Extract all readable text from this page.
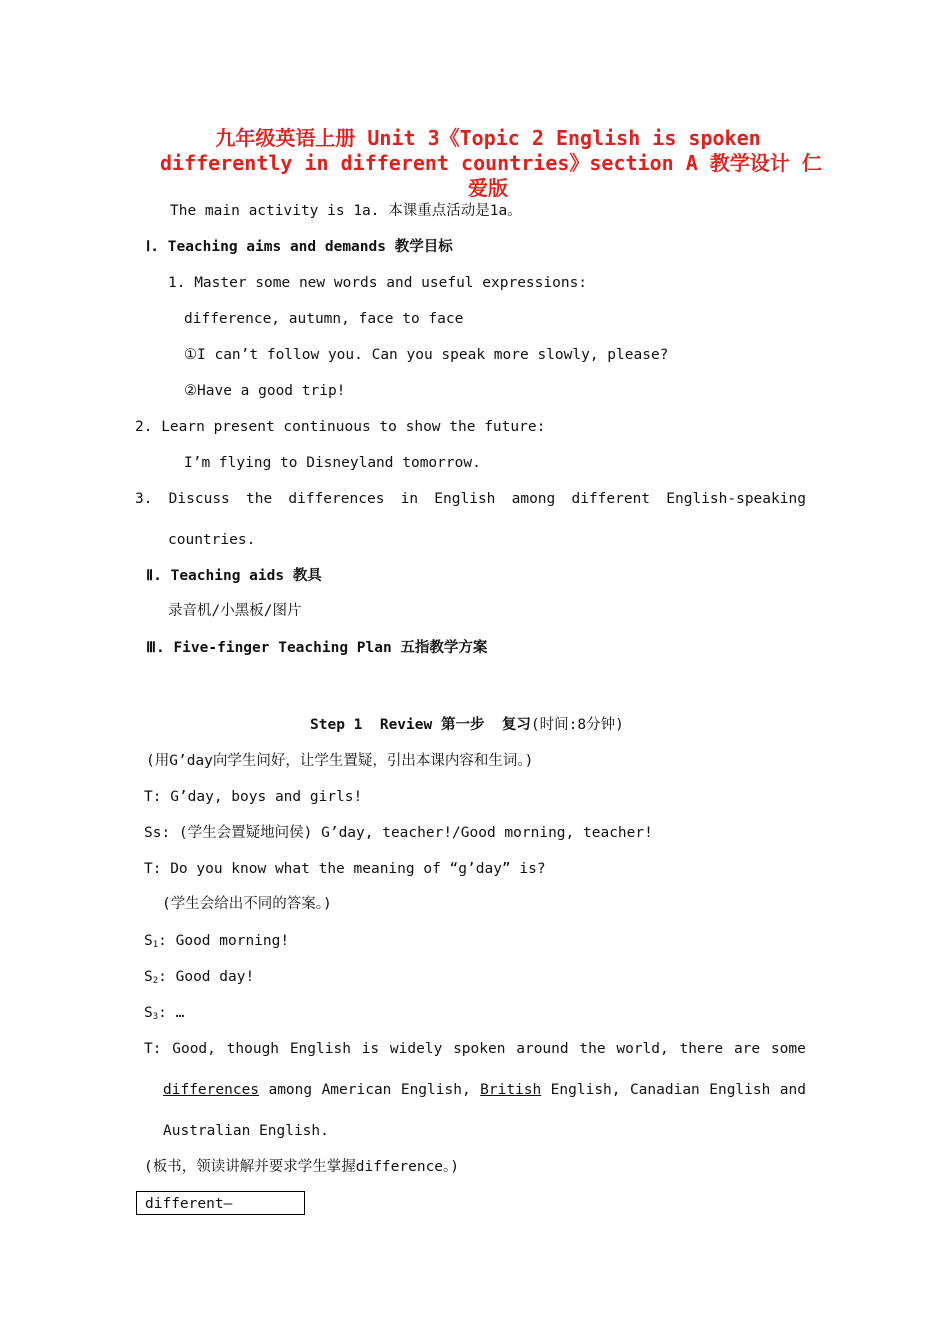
九年级英语上册 Unit 3《Topic 2 English is spoken
differently in different countries》section A 教学设计 仁
爱版
The main activity is 1a. 本课重点活动是1a。
Ⅰ. Teaching aims and demands 教学目标
1. Master some new words and useful expressions:
difference, autumn, face to face
①I can’t follow you. Can you speak more slowly, please?
②Have a good trip!
2. Learn present continuous to show the future:
I’m flying to Disneyland tomorrow.
3. Discuss the differences in English among different English-speaking
countries.
Ⅱ. Teaching aids 教具
录音机/小黑板/图片
Ⅲ. Five-finger Teaching Plan 五指教学方案
Step 1  Review 第一步  复习(时间:8分钟)
(用G’day向学生问好，让学生置疑，引出本课内容和生词。)
T: G’day, boys and girls!
Ss: (学生会置疑地问侯) G’day, teacher!/Good morning, teacher!
T: Do you know what the meaning of “g’day” is?
(学生会给出不同的答案。)
$S_1$: Good morning!
$S_2$: Good day!
$S_3$: …
T: Good, though English is widely spoken around the world, there are some
differences among American English, British English, Canadian English and
Australian English.
(板书，领读讲解并要求学生掌握difference。)
different—
